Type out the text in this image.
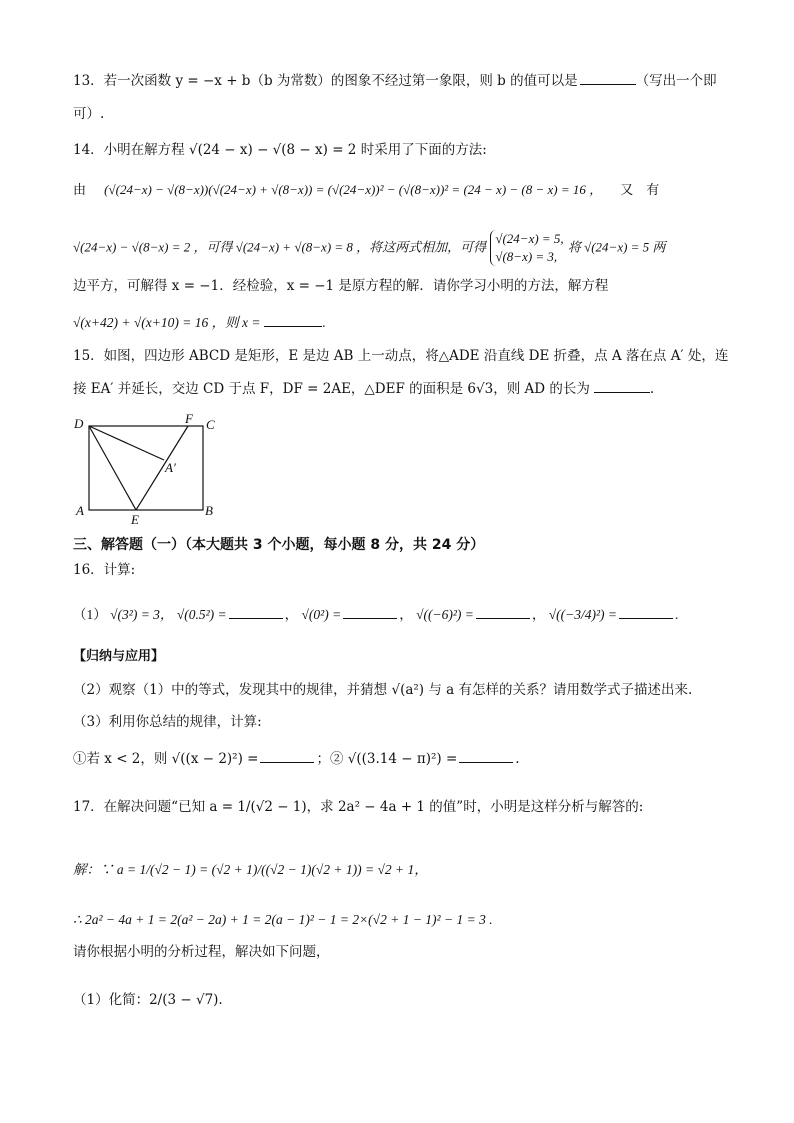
13．若一次函数 y = −x + b（b 为常数）的图象不经过第一象限，则 b 的值可以是	（写出一个即
可）.
14．小明在解方程 √(24 − x) − √(8 − x) = 2 时采用了下面的方法:
由 (√(24−x) − √(8−x))(√(24−x) + √(8−x)) = (√(24−x))² − (√(8−x))² = (24 − x) − (8 − x) = 16 ， 又　有
√(24−x) − √(8−x) = 2 ，可得 √(24−x) + √(8−x) = 8 ，将这两式相加，可得
√(24−x) = 5,
√(8−x) = 3,
将 √(24−x) = 5 两
边平方，可解得 x = −1．经检验，x = −1 是原方程的解．请你学习小明的方法，解方程
√(x+42) + √(x+10) = 16 ，则 x =	.
15．如图，四边形 ABCD 是矩形，E 是边 AB 上一动点，将△ADE 沿直线 DE 折叠，点 A 落在点 A′ 处，连
接 EA′ 并延长，交边 CD 于点 F，DF = 2AE，△DEF 的面积是 6√3，则 AD 的长为	.
D	F C
A′
A
E
B
三、解答题（一）（本大题共 3 个小题，每小题 8 分，共 24 分）
16．计算:
（1） √(3²) = 3， √(0.5²) =	， √(0²) =	， √((−6)²) =	， √((−3/4)²) =	.
【归纳与应用】
（2）观察（1）中的等式，发现其中的规律，并猜想 √(a²) 与 a 有怎样的关系？请用数学式子描述出来.
（3）利用你总结的规律，计算:
①若 x < 2，则 √((x − 2)²) =	；② √((3.14 − π)²) =	.
17．在解决问题“已知 a = 1/(√2 − 1)，求 2a² − 4a + 1 的值”时，小明是这样分析与解答的:
解：∵ a = 1/(√2 − 1) = (√2 + 1)/((√2 − 1)(√2 + 1)) = √2 + 1，
∴ 2a² − 4a + 1 = 2(a² − 2a) + 1 = 2(a − 1)² − 1 = 2×(√2 + 1 − 1)² − 1 = 3 .
请你根据小明的分析过程，解决如下问题，
（1）化简：2/(3 − √7).
